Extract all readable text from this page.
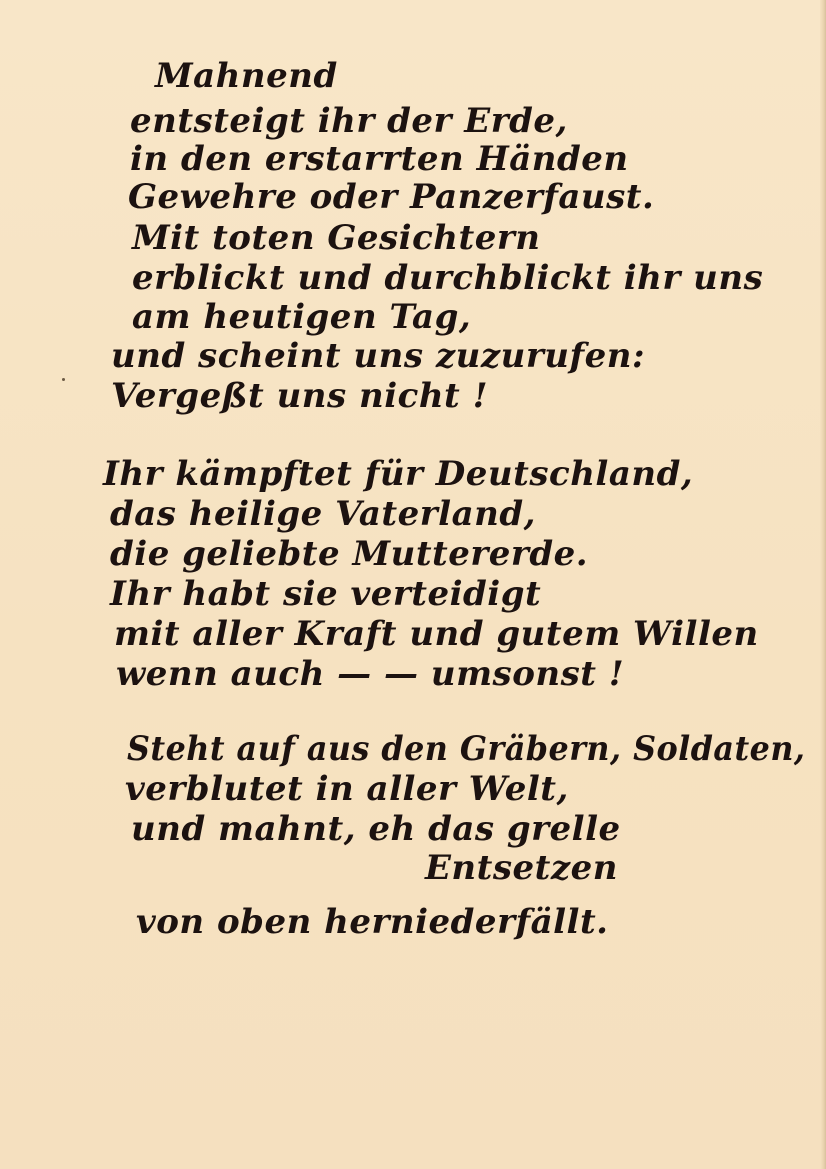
Mahnend
entsteigt ihr der Erde,
in den erstarrten Händen
Gewehre oder Panzerfaust.
Mit toten Gesichtern
erblickt und durchblickt ihr uns
am heutigen Tag,
und scheint uns zuzurufen:
Vergeßt uns nicht !
Ihr kämpftet für Deutschland,
das heilige Vaterland,
die geliebte Muttererde.
Ihr habt sie verteidigt
mit aller Kraft und gutem Willen
wenn auch — — umsonst !
Steht auf aus den Gräbern, Soldaten,
verblutet in aller Welt,
und mahnt, eh das grelle
Entsetzen
von oben herniederfällt.
